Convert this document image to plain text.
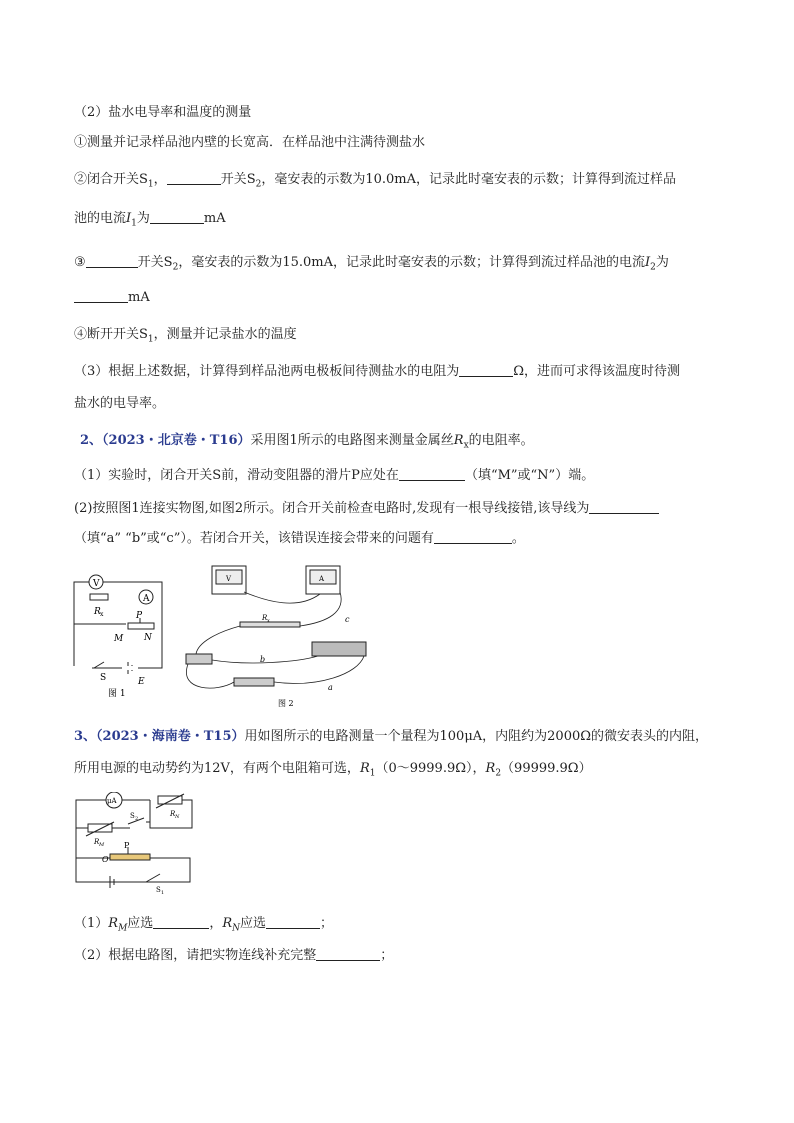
（2）盐水电导率和温度的测量
①测量并记录样品池内壁的长宽高．在样品池中注满待测盐水
②闭合开关$S_1$，	开关$S_2$，毫安表的示数为10.0mA，记录此时毫安表的示数；计算得到流过样品
池的电流$I_1$为	mA
③	开关$S_2$，毫安表的示数为15.0mA，记录此时毫安表的示数；计算得到流过样品池的电流$I_2$为
mA
④断开开关$S_1$，测量并记录盐水的温度
（3）根据上述数据，计算得到样品池两电极板间待测盐水的电阻为	Ω，进而可求得该温度时待测
盐水的电导率。
2、（2023・北京卷・T16）采用图1所示的电路图来测量金属丝$R_x$的电阻率。
（1）实验时，闭合开关S前，滑动变阻器的滑片P应处在	（填“M”或“N”）端。
(2)按照图1连接实物图,如图2所示。闭合开关前检查电路时,发现有一根导线接错,该导线为
（填“a” “b”或“c”）。若闭合开关，该错误连接会带来的问题有	。
V
A
R x	P
M N
S	E
图 1
V	A
R x	c
b
a
图 2
3、（2023・海南卷・T15）用如图所示的电路测量一个量程为100μA，内阻约为2000Ω的微安表头的内阻，
所用电源的电动势约为12V，有两个电阻箱可选，$R_1(0\sim 9999.9\Omega)$，$R_2(99999.9\Omega)$
μA
S 2
R N
R M P
O
S 1
$(1)R_M$应选	，$R_N$应选	；
（2）根据电路图，请把实物连线补充完整	；
